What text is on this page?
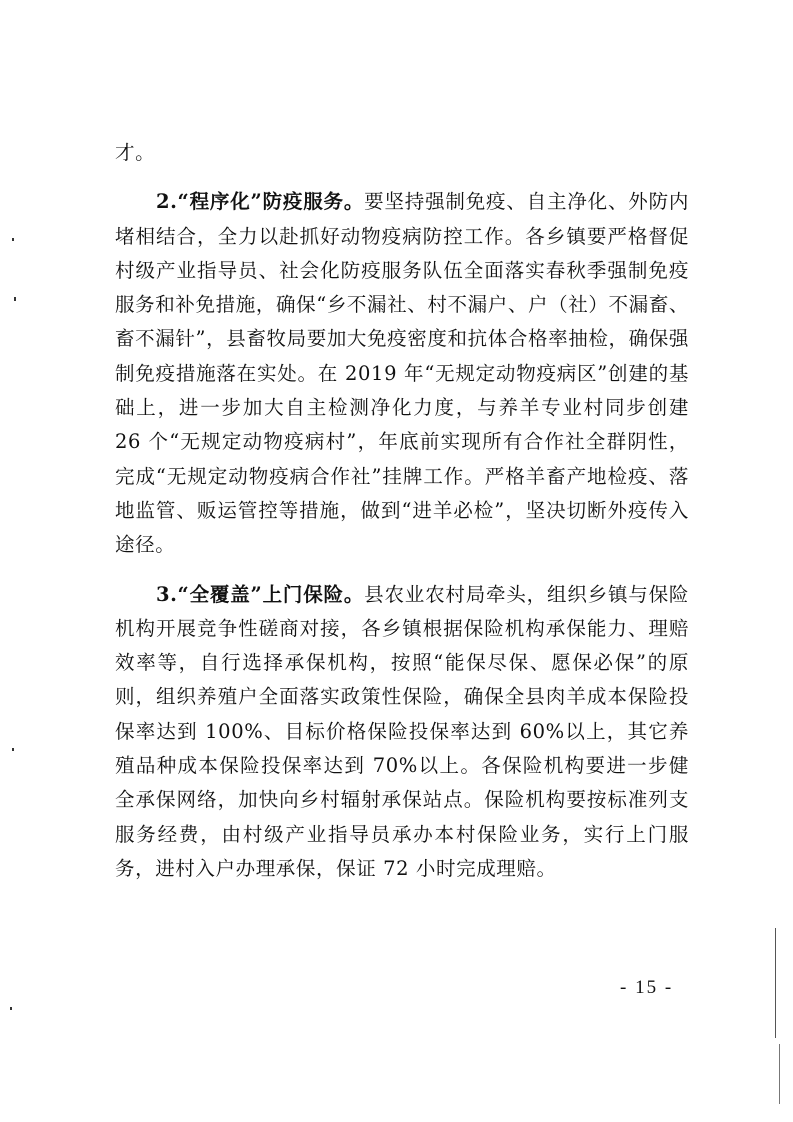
才。

2.“程序化”防疫服务。要坚持强制免疫、自主净化、外防内堵相结合，全力以赴抓好动物疫病防控工作。各乡镇要严格督促村级产业指导员、社会化防疫服务队伍全面落实春秋季强制免疫服务和补免措施，确保“乡不漏社、村不漏户、户（社）不漏畜、畜不漏针”，县畜牧局要加大免疫密度和抗体合格率抽检，确保强制免疫措施落在实处。在 2019 年“无规定动物疫病区”创建的基础上，进一步加大自主检测净化力度，与养羊专业村同步创建 26 个“无规定动物疫病村”，年底前实现所有合作社全群阴性，完成“无规定动物疫病合作社”挂牌工作。严格羊畜产地检疫、落地监管、贩运管控等措施，做到“进羊必检”，坚决切断外疫传入途径。

3.“全覆盖”上门保险。县农业农村局牵头，组织乡镇与保险机构开展竞争性磋商对接，各乡镇根据保险机构承保能力、理赔效率等，自行选择承保机构，按照“能保尽保、愿保必保”的原则，组织养殖户全面落实政策性保险，确保全县肉羊成本保险投保率达到 100%、目标价格保险投保率达到 60%以上，其它养殖品种成本保险投保率达到 70%以上。各保险机构要进一步健全承保网络，加快向乡村辐射承保站点。保险机构要按标准列支服务经费，由村级产业指导员承办本村保险业务，实行上门服务，进村入户办理承保，保证 72 小时完成理赔。

- 15 -
